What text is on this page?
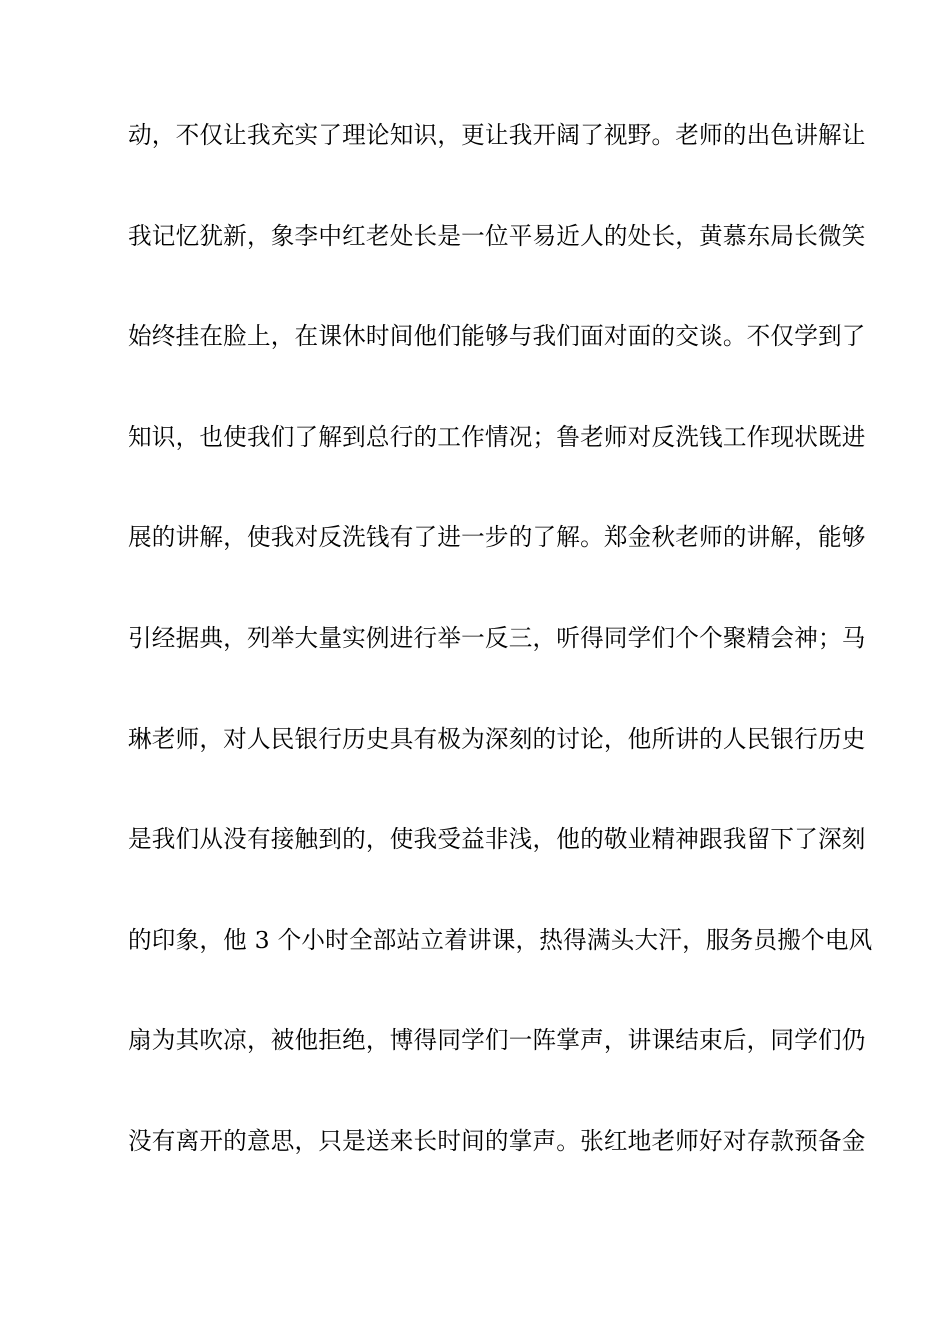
动，不仅让我充实了理论知识，更让我开阔了视野。老师的出色讲解让
我记忆犹新，象李中红老处长是一位平易近人的处长，黄慕东局长微笑
始终挂在脸上，在课休时间他们能够与我们面对面的交谈。不仅学到了
知识，也使我们了解到总行的工作情况；鲁老师对反洗钱工作现状既进
展的讲解，使我对反洗钱有了进一步的了解。郑金秋老师的讲解，能够
引经据典，列举大量实例进行举一反三，听得同学们个个聚精会神；马
琳老师，对人民银行历史具有极为深刻的讨论，他所讲的人民银行历史
是我们从没有接触到的，使我受益非浅，他的敬业精神跟我留下了深刻
的印象，他 3 个小时全部站立着讲课，热得满头大汗，服务员搬个电风
扇为其吹凉，被他拒绝，博得同学们一阵掌声，讲课结束后，同学们仍
没有离开的意思，只是送来长时间的掌声。张红地老师好对存款预备金
